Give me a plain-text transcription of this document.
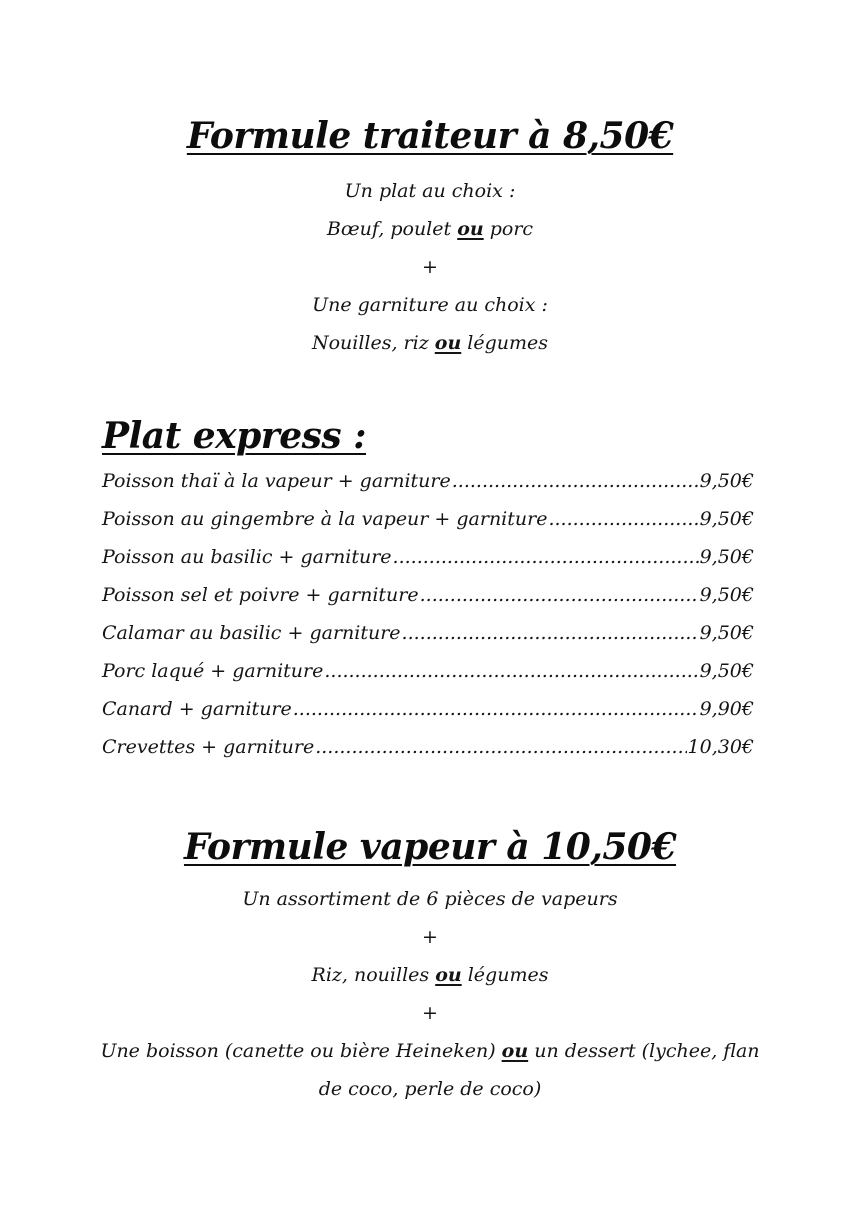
Formule traiteur à 8,50€

Un plat au choix :

Bœuf, poulet ou porc

+

Une garniture au choix :

Nouilles, riz ou légumes

Plat express :
Poisson thaï à la vapeur + garniture .....	9,50€
Poisson au gingembre à la vapeur + garniture .....	9,50€
Poisson au basilic + garniture .....	9,50€
Poisson sel et poivre + garniture .....	9,50€
Calamar au basilic + garniture .....	9,50€
Porc laqué + garniture .....	9,50€
Canard + garniture .....	9,90€
Crevettes + garniture .....	10,30€
Formule vapeur à 10,50€

Un assortiment de 6 pièces de vapeurs

+

Riz, nouilles ou légumes

+

Une boisson (canette ou bière Heineken) ou un dessert (lychee, flan

de coco, perle de coco)
